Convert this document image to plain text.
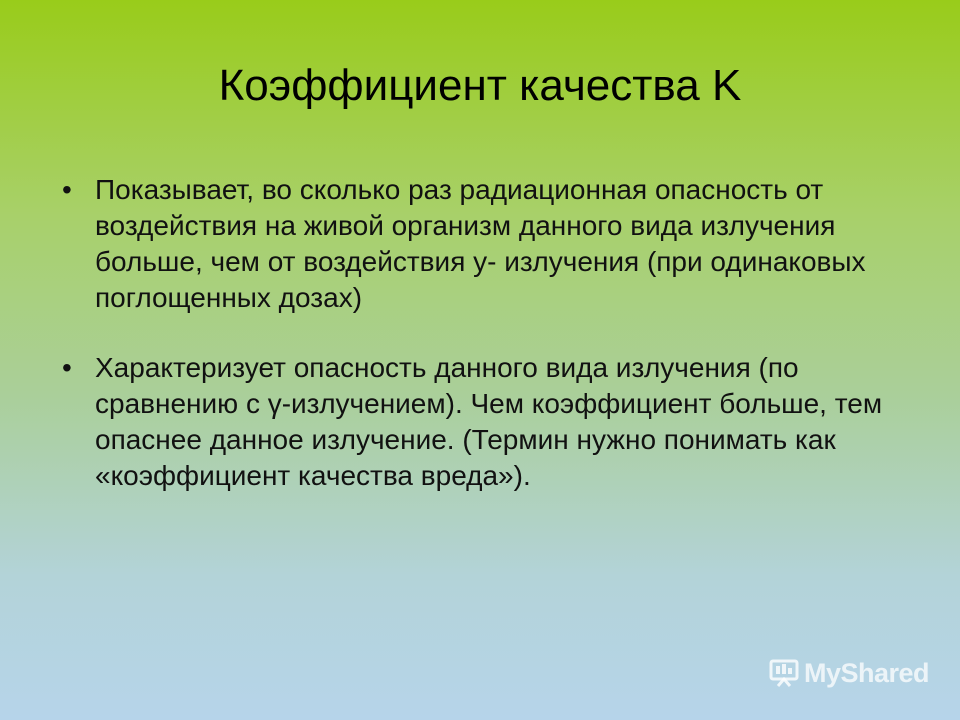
Коэффициент качества K
• Показывает, во сколько раз радиационная опасность от воздействия на живой организм данного вида излучения больше, чем от воздействия у- излучения (при одинаковых поглощенных дозах)
• Характеризует опасность данного вида излучения (по сравнению с γ-излучением). Чем коэффициент больше, тем опаснее данное излучение. (Термин нужно понимать как «коэффициент качества вреда»).
MyShared
